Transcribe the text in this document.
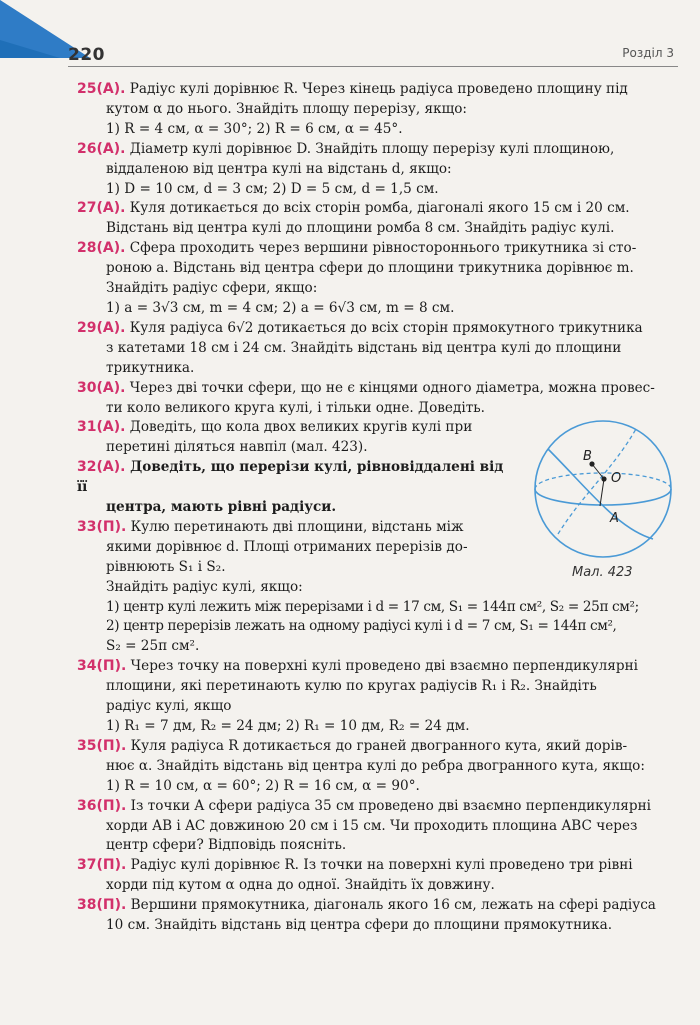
220	Розділ 3

25(А). Радіус кулі дорівнює R. Через кінець радіуса проведено площину під

кутом α до нього. Знайдіть площу перерізу, якщо:

1) R = 4 см, α = 30°; 2) R = 6 см, α = 45°.

26(А). Діаметр кулі дорівнює D. Знайдіть площу перерізу кулі площиною,

віддаленою від центра кулі на відстань d, якщо:

1) D = 10 см, d = 3 см; 2) D = 5 см, d = 1,5 см.

27(А). Куля дотикається до всіх сторін ромба, діагоналі якого 15 см і 20 см.

Відстань від центра кулі до площини ромба 8 см. Знайдіть радіус кулі.

28(А). Сфера проходить через вершини рівностороннього трикутника зі сто-

роною a. Відстань від центра сфери до площини трикутника дорівнює m.

Знайдіть радіус сфери, якщо:

1) a = 3√3 см, m = 4 см; 2) a = 6√3 см, m = 8 см.

29(А). Куля радіуса 6√2 дотикається до всіх сторін прямокутного трикутника

з катетами 18 см і 24 см. Знайдіть відстань від центра кулі до площини

трикутника.

30(А). Через дві точки сфери, що не є кінцями одного діаметра, можна провес-

ти коло великого круга кулі, і тільки одне. Доведіть.

31(А). Доведіть, що кола двох великих кругів кулі при

перетині діляться навпіл (мал. 423).

32(А). Доведіть, що перерізи кулі, рівновіддалені від її

центра, мають рівні радіуси.

33(П). Кулю перетинають дві площини, відстань між

якими дорівнює d. Площі отриманих перерізів до-

рівнюють S₁ і S₂.

Знайдіть радіус кулі, якщо:

1) центр кулі лежить між перерізами і d = 17 см, S₁ = 144π см², S₂ = 25π см²;

2) центр перерізів лежать на одному радіусі кулі і d = 7 см, S₁ = 144π см²,

S₂ = 25π см².

34(П). Через точку на поверхні кулі проведено дві взаємно перпендикулярні

площини, які перетинають кулю по кругах радіусів R₁ і R₂. Знайдіть

радіус кулі, якщо

1) R₁ = 7 дм, R₂ = 24 дм; 2) R₁ = 10 дм, R₂ = 24 дм.

35(П). Куля радіуса R дотикається до граней двогранного кута, який дорів-

нює α. Знайдіть відстань від центра кулі до ребра двогранного кута, якщо:

1) R = 10 см, α = 60°; 2) R = 16 см, α = 90°.

36(П). Із точки A сфери радіуса 35 см проведено дві взаємно перпендикулярні

хорди AB і AC довжиною 20 см і 15 см. Чи проходить площина ABC через

центр сфери? Відповідь поясніть.

37(П). Радіус кулі дорівнює R. Із точки на поверхні кулі проведено три рівні

хорди під кутом α одна до одної. Знайдіть їх довжину.

38(П). Вершини прямокутника, діагональ якого 16 см, лежать на сфері радіуса

10 см. Знайдіть відстань від центра сфери до площини прямокутника.

B
O
A
Мал. 423
